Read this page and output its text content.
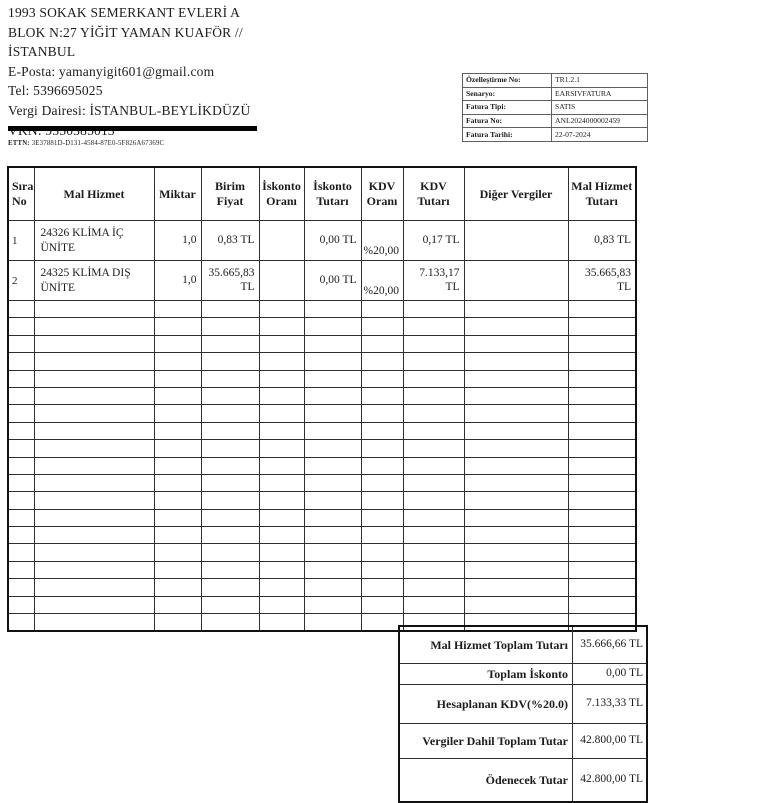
1993 SOKAK SEMERKANT EVLERİ A
BLOK N:27 YİĞİT YAMAN KUAFÖR //
İSTANBUL
E-Posta: yamanyigit601@gmail.com
Tel: 5396695025
Vergi Dairesi: İSTANBUL-BEYLİKDÜZÜ
ETTN: 3E37881D-D131-4584-87E0-5F826A67369C
Özelleştirme No:	TR1.2.1
Senaryo:	EARSIVFATURA
Fatura Tipi:	SATIS
Fatura No:	ANL2024000002459
Fatura Tarihi:	22-07-2024
Sıra No	Mal Hizmet	Miktar	Birim Fiyat	İskonto Oranı	İskonto Tutarı	KDV Oranı	KDV Tutarı	Diğer Vergiler	Mal Hizmet Tutarı
1	24326 KLİMA İÇ ÜNİTE	1,0	0,83 TL		0,00 TL	%20,00	0,17 TL		0,83 TL
2	24325 KLİMA DIŞ ÜNİTE	1,0	35.665,83 TL		0,00 TL	%20,00	7.133,17 TL		35.665,83 TL

Mal Hizmet Toplam Tutarı	35.666,66 TL
Toplam İskonto	0,00 TL
Hesaplanan KDV(%20.0)	7.133,33 TL
Vergiler Dahil Toplam Tutar	42.800,00 TL
Ödenecek Tutar	42.800,00 TL
